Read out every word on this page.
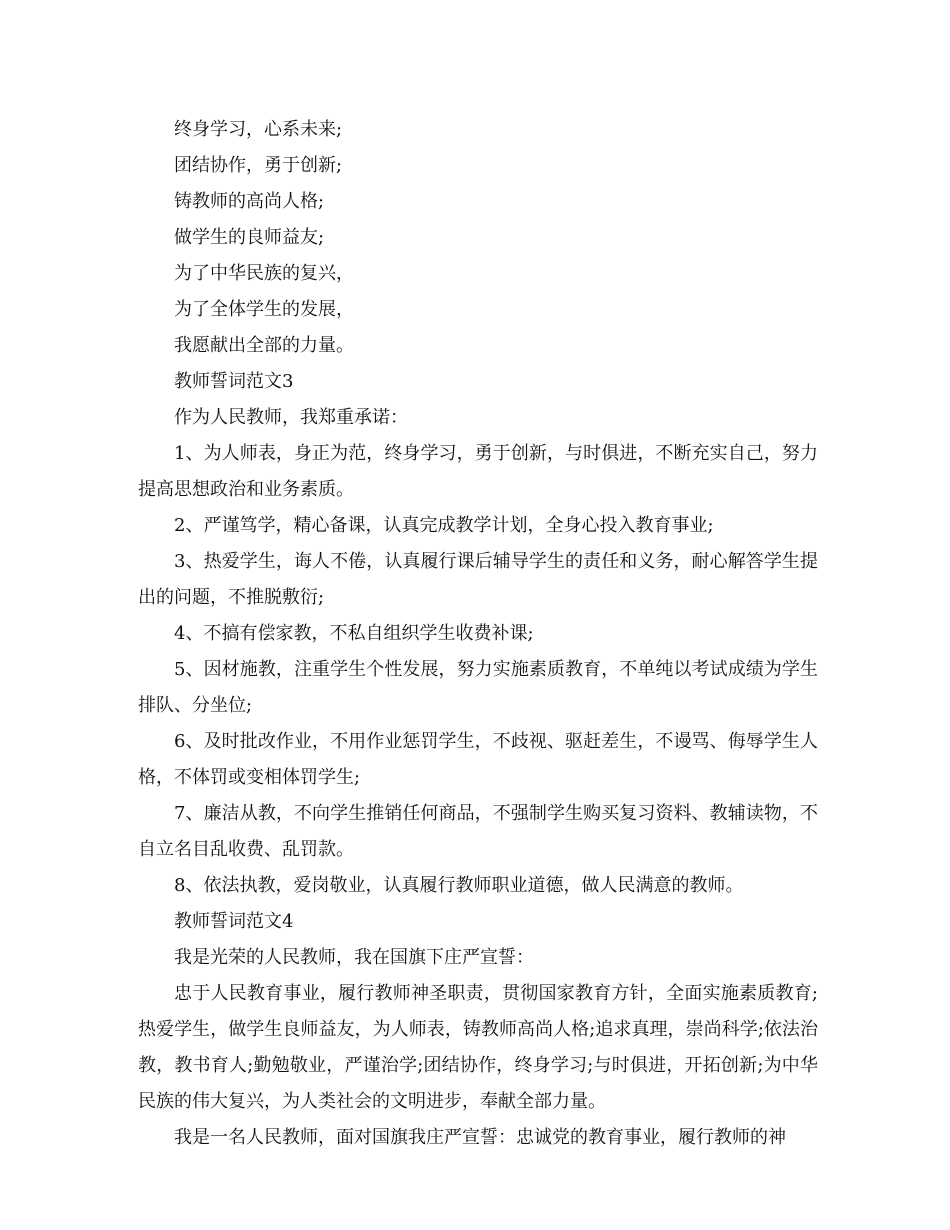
终身学习，心系未来;

团结协作，勇于创新;

铸教师的高尚人格;

做学生的良师益友;

为了中华民族的复兴，

为了全体学生的发展，

我愿献出全部的力量。

教师誓词范文3

作为人民教师，我郑重承诺：

1、为人师表，身正为范，终身学习，勇于创新，与时俱进，不断充实自己，努力提高思想政治和业务素质。

2、严谨笃学，精心备课，认真完成教学计划，全身心投入教育事业;

3、热爱学生，诲人不倦，认真履行课后辅导学生的责任和义务，耐心解答学生提出的问题，不推脱敷衍;

4、不搞有偿家教，不私自组织学生收费补课;

5、因材施教，注重学生个性发展，努力实施素质教育，不单纯以考试成绩为学生排队、分坐位;

6、及时批改作业，不用作业惩罚学生，不歧视、驱赶差生，不谩骂、侮辱学生人格，不体罚或变相体罚学生;

7、廉洁从教，不向学生推销任何商品，不强制学生购买复习资料、教辅读物，不自立名目乱收费、乱罚款。

8、依法执教，爱岗敬业，认真履行教师职业道德，做人民满意的教师。

教师誓词范文4

我是光荣的人民教师，我在国旗下庄严宣誓：

忠于人民教育事业，履行教师神圣职责，贯彻国家教育方针，全面实施素质教育;热爱学生，做学生良师益友，为人师表，铸教师高尚人格;追求真理，崇尚科学;依法治教，教书育人;勤勉敬业，严谨治学;团结协作，终身学习;与时俱进，开拓创新;为中华民族的伟大复兴，为人类社会的文明进步，奉献全部力量。

我是一名人民教师，面对国旗我庄严宣誓：忠诚党的教育事业，履行教师的神
